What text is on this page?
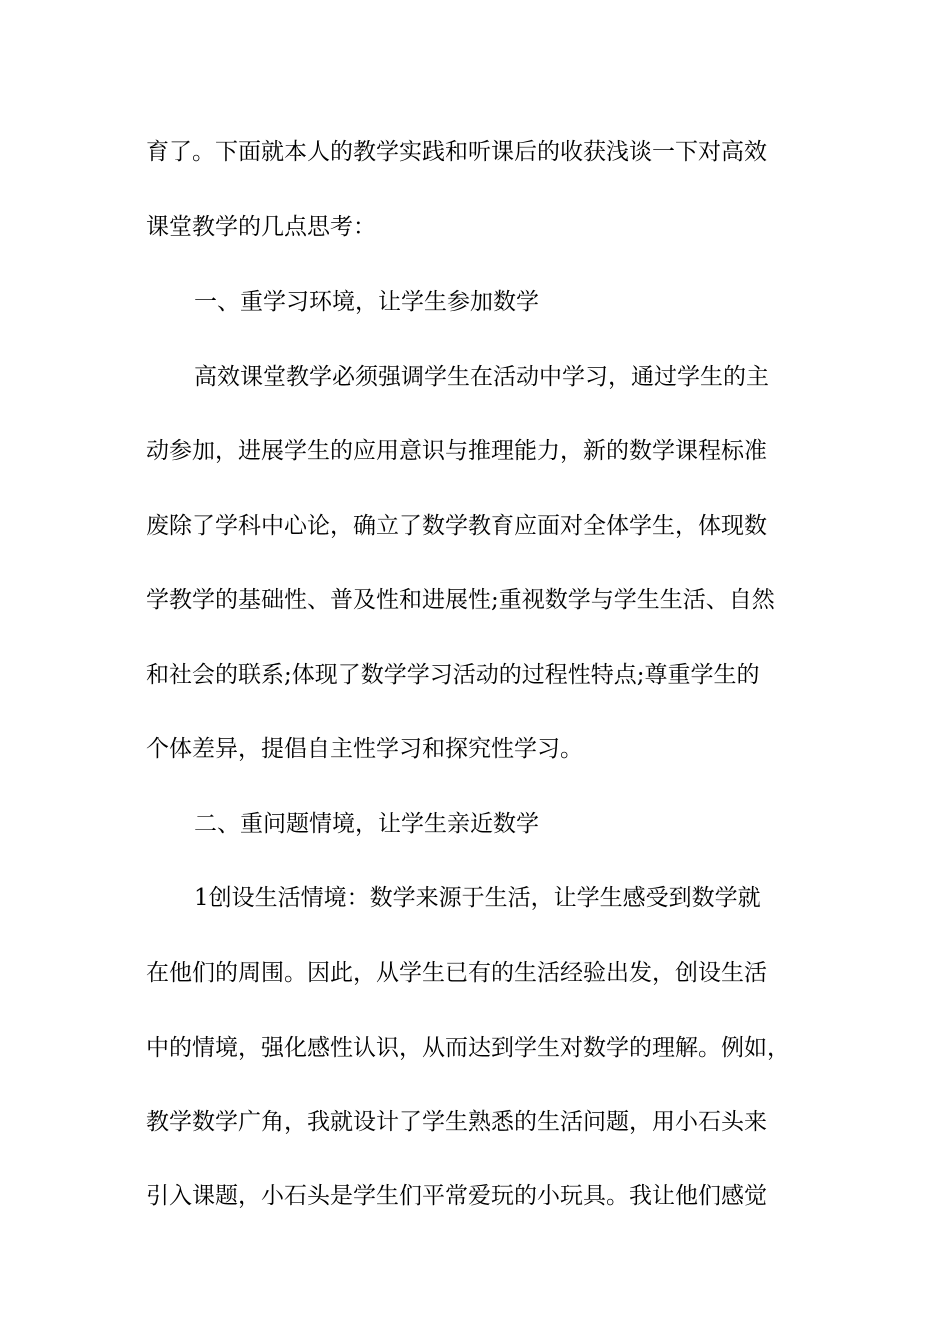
育了。下面就本人的教学实践和听课后的收获浅谈一下对高效
课堂教学的几点思考：
一、重学习环境，让学生参加数学
高效课堂教学必须强调学生在活动中学习，通过学生的主
动参加，进展学生的应用意识与推理能力，新的数学课程标准
废除了学科中心论，确立了数学教育应面对全体学生，体现数
学教学的基础性、普及性和进展性;重视数学与学生生活、自然
和社会的联系;体现了数学学习活动的过程性特点;尊重学生的
个体差异，提倡自主性学习和探究性学习。
二、重问题情境，让学生亲近数学
1创设生活情境：数学来源于生活，让学生感受到数学就
在他们的周围。因此，从学生已有的生活经验出发，创设生活
中的情境，强化感性认识，从而达到学生对数学的理解。例如，
教学数学广角，我就设计了学生熟悉的生活问题，用小石头来
引入课题，小石头是学生们平常爱玩的小玩具。我让他们感觉
